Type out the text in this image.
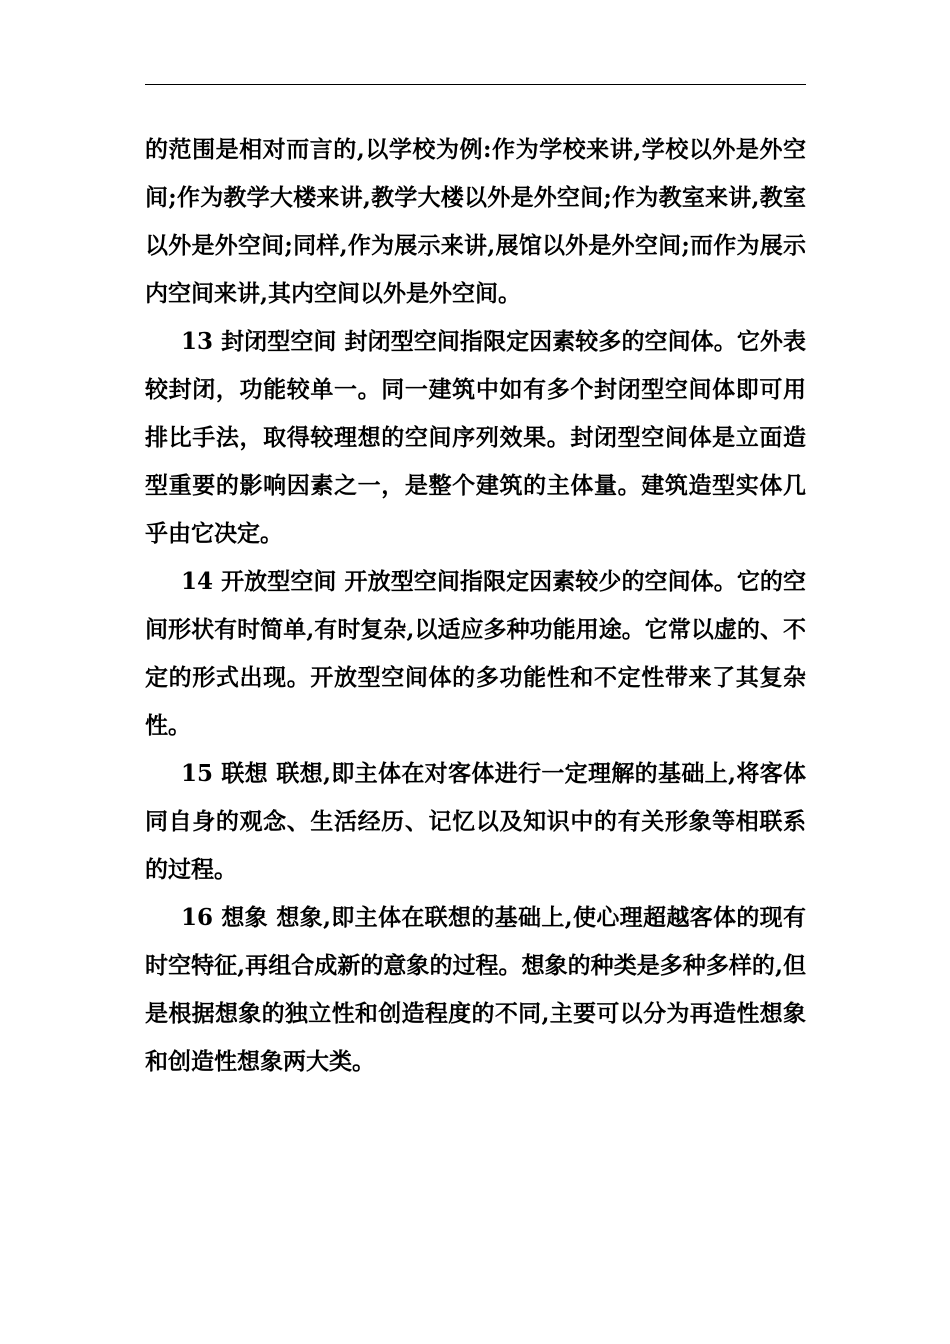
的范围是相对而言的,以学校为例:作为学校来讲,学校以外是外空间;作为教学大楼来讲,教学大楼以外是外空间;作为教室来讲,教室以外是外空间;同样,作为展示来讲,展馆以外是外空间;而作为展示内空间来讲,其内空间以外是外空间。

13 封闭型空间 封闭型空间指限定因素较多的空间体。它外表较封闭，功能较单一。同一建筑中如有多个封闭型空间体即可用排比手法，取得较理想的空间序列效果。封闭型空间体是立面造型重要的影响因素之一，是整个建筑的主体量。建筑造型实体几乎由它决定。

14 开放型空间 开放型空间指限定因素较少的空间体。它的空间形状有时简单,有时复杂,以适应多种功能用途。它常以虚的、不定的形式出现。开放型空间体的多功能性和不定性带来了其复杂性。

15 联想 联想,即主体在对客体进行一定理解的基础上,将客体同自身的观念、生活经历、记忆以及知识中的有关形象等相联系的过程。

16 想象 想象,即主体在联想的基础上,使心理超越客体的现有时空特征,再组合成新的意象的过程。想象的种类是多种多样的,但是根据想象的独立性和创造程度的不同,主要可以分为再造性想象和创造性想象两大类。
